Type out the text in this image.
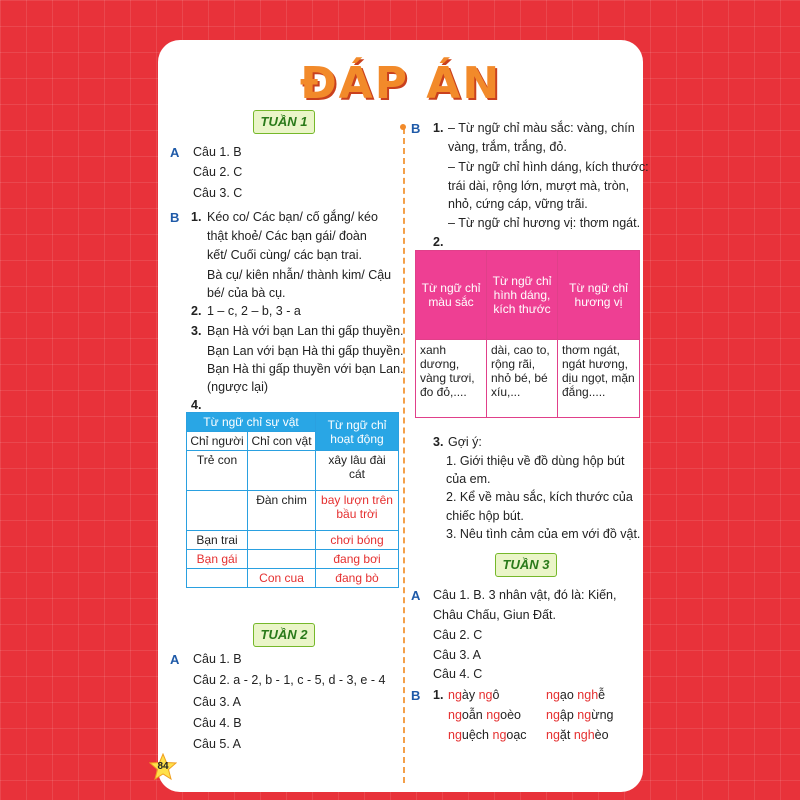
ĐÁP ÁN
TUẦN 1
A Câu 1. B
Câu 2. C
Câu 3. C
B 1. Kéo co/ Các bạn/ cố gắng/ kéo
thật khoẻ/ Các bạn gái/ đoàn
kết/ Cuối cùng/ các bạn trai.
Bà cụ/ kiên nhẫn/ thành kim/ Cậu
bé/ của bà cụ.
2. 1 – c, 2 – b, 3 - a
3. Bạn Hà với bạn Lan thi gấp thuyền.
Bạn Lan với bạn Hà thi gấp thuyền.
Bạn Hà thi gấp thuyền với bạn Lan.
(ngược lại)
4.
Từ ngữ chỉ sự vật		Từ ngữ chỉ hoạt động
Chỉ người	Chỉ con vật	
Trẻ con		xây lâu đài cát
	Đàn chim	bay lượn trên bầu trời
Bạn trai		chơi bóng
Bạn gái		đang bơi
	Con cua	đang bò
TUẦN 2
A Câu 1. B
Câu 2. a - 2, b - 1, c - 5, d - 3, e - 4
Câu 3. A
Câu 4. B
Câu 5. A
B 1. – Từ ngữ chỉ màu sắc: vàng, chín
vàng, trắm, trắng, đỏ.
– Từ ngữ chỉ hình dáng, kích thước:
trái dài, rộng lớn, mượt mà, tròn,
nhỏ, cứng cáp, vững trãi.
– Từ ngữ chỉ hương vị: thơm ngát.
2.
Từ ngữ chỉ màu sắc	Từ ngữ chỉ hình dáng, kích thước	Từ ngữ chỉ hương vị
xanh dương, vàng tươi, đo đỏ,....	dài, cao to, rộng rãi, nhỏ bé, bé xíu,...	thơm ngát, ngát hương, dịu ngọt, mặn đắng.....
3. Gợi ý:
1. Giới thiệu về đồ dùng hộp bút
của em.
2. Kể về màu sắc, kích thước của
chiếc hộp bút.
3. Nêu tình cảm của em với đồ vật.
TUẦN 3
A Câu 1. B. 3 nhân vật, đó là: Kiến,
Châu Chấu, Giun Đất.
Câu 2. C
Câu 3. A
Câu 4. C
B 1. ngày ngô	ngạo nghễ
ngoẫn ngoèo ngập ngừng
nguệch ngoạc ngặt nghèo
84
